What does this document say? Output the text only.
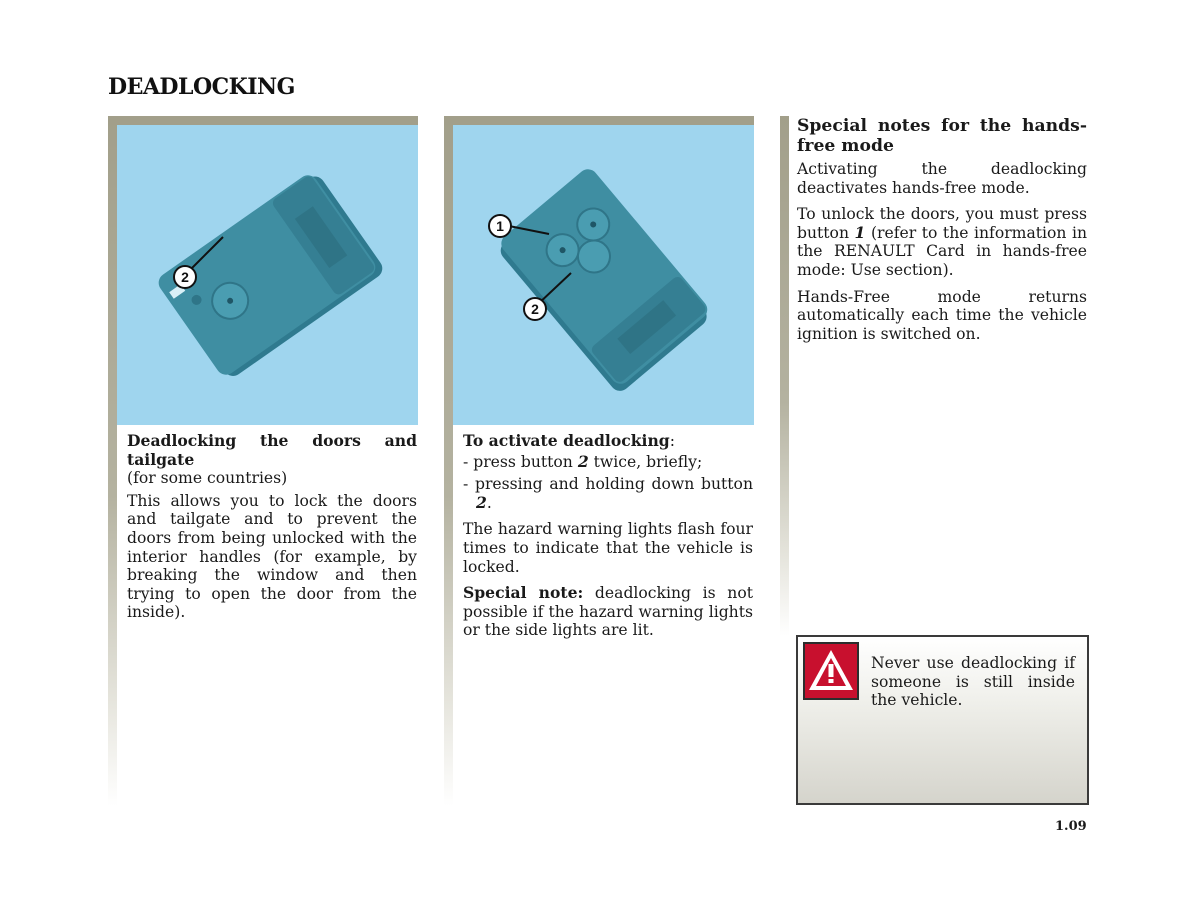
DEADLOCKING
2

Deadlocking the doors and tailgate
(for some countries)

This allows you to lock the doors and tailgate and to prevent the doors from being unlocked with the interior handles (for example, by breaking the window and then trying to open the door from the inside).

1
2

To activate deadlocking:

- press button 2 twice, briefly;

- pressing and holding down button 2.

The hazard warning lights flash four times to indicate that the vehicle is locked.

Special note: deadlocking is not possible if the hazard warning lights or the side lights are lit.

Special notes for the hands-free mode

Activating the deadlocking deactivates hands-free mode.

To unlock the doors, you must press button 1 (refer to the information in the RENAULT Card in hands-free mode: Use section).

Hands-Free mode returns automatically each time the vehicle ignition is switched on.

Never use deadlocking if someone is still inside the vehicle.
1.09
